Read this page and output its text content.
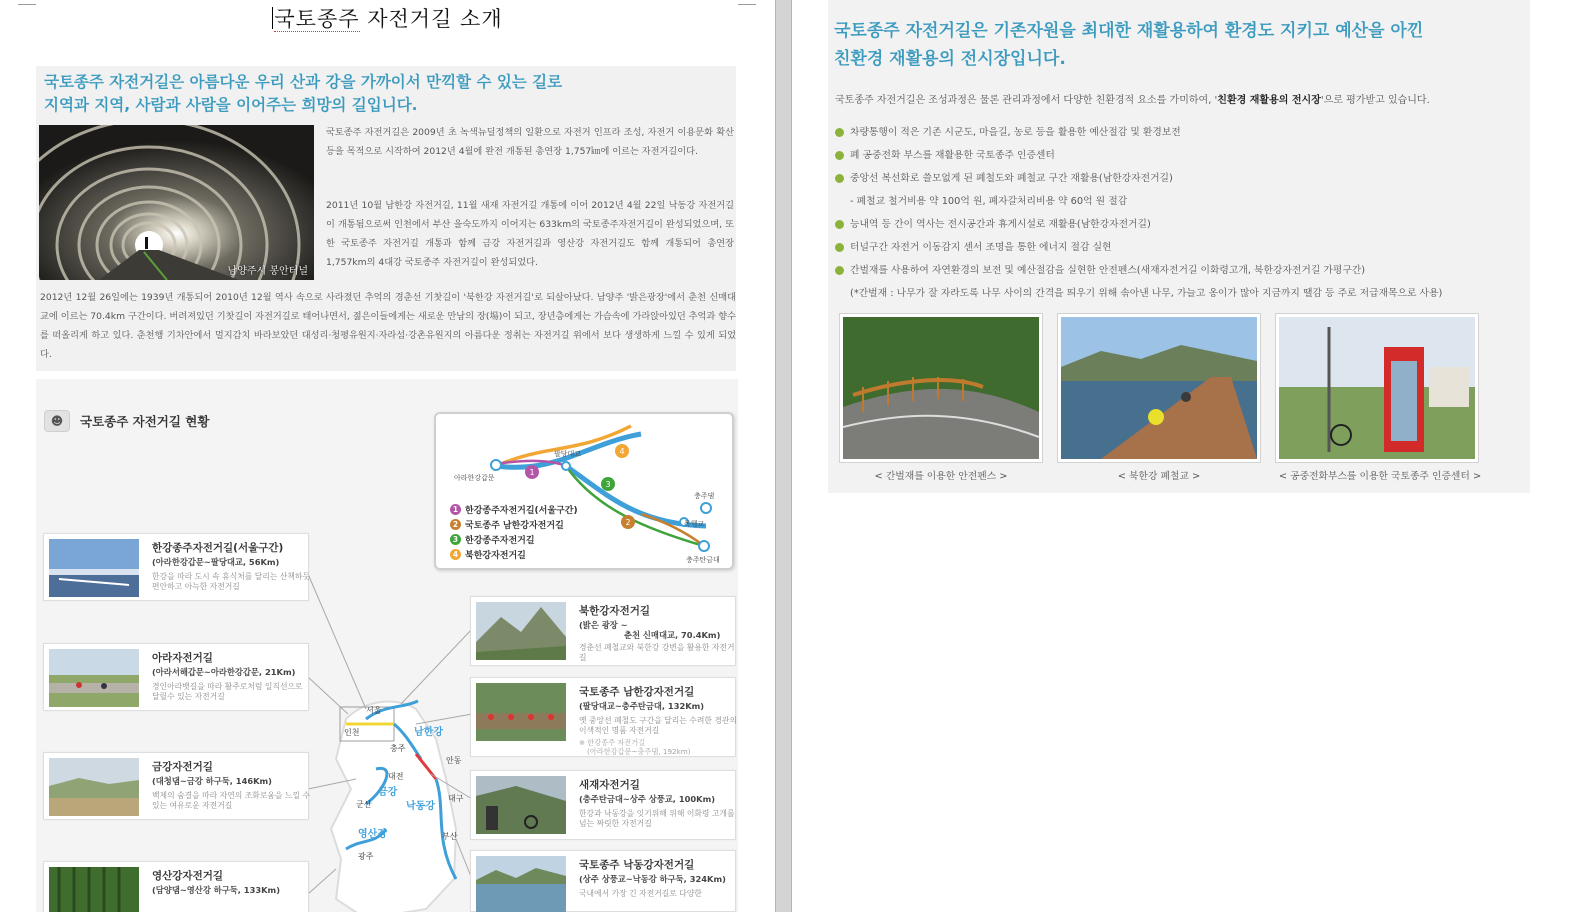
국토종주 자전거길 소개
국토종주 자전거길은 아름다운 우리 산과 강을 가까이서 만끽할 수 있는 길로
지역과 지역, 사람과 사람을 이어주는 희망의 길입니다.
남양주시 봉안터널

국토종주 자전거길은 2009년 초 녹색뉴딜정책의 일환으로 자전거 인프라 조성, 자전거 이용문화 확산 등을 목적으로 시작하여 2012년 4월에 완전 개통된 총연장 1,757㎞에 이르는 자전거길이다.

2011년 10월 남한강 자전거길, 11월 새재 자전거길 개통에 이어 2012년 4월 22일 낙동강 자전거길이 개통됨으로써 인천에서 부산 을숙도까지 이어지는 633km의 국토종주자전거길이 완성되었으며, 또한 국토종주 자전거길 개통과 함께 금강 자전거길과 영산강 자전거길도 함께 개통되어 총연장 1,757km의 4대강 국토종주 자전거길이 완성되었다.

2012년 12월 26일에는 1939년 개통되어 2010년 12월 역사 속으로 사라졌던 추억의 경춘선 기찻길이 '북한강 자전거길'로 되살아났다. 남양주 '밝은광장'에서 춘천 신매대교에 이르는 70.4km 구간이다. 버려져있던 기찻길이 자전거길로 태어나면서, 젊은이들에게는 새로운 만남의 장(場)이 되고, 장년층에게는 가슴속에 가라앉아있던 추억과 향수를 떠올리게 하고 있다. 춘천행 기차안에서 멀지감치 바라보았던 대성리·청평유원지·자라섬·강촌유원지의 아름다운 정취는 자전거길 위에서 보다 생생하게 느낄 수 있게 되었다.

☻	국토종주 자전거길 현황
1
2
3
4
아라한강갑문
팔당대교
충주댐
목행교
충주탄금대
1 한강종주자전거길(서울구간)
2 국토종주 남한강자전거길
3 한강종주자전거길
4 북한강자전거길
서울
인천
충주
안동
대전
군산
대구
부산
광주
남한강
금강
낙동강
영산강
한강종주자전거길(서울구간)
(아라한강갑문~팔당대교, 56Km)
한강을 따라 도시 속 휴식처를 달리는 산책하듯 편안하고 아늑한 자전거길
아라자전거길
(아라서해갑문~아라한강갑문, 21Km)
경인아라뱃길을 따라 활주로처럼 일직선으로 달릴수 있는 자전거길
금강자전거길
(대청댐~금강 하구둑, 146Km)
백제의 숨결을 따라 자연의 조화로움을 느낄 수 있는 여유로운 자전거길
영산강자전거길
(담양댐~영산강 하구둑, 133Km)
북한강자전거길
(밝은 광장 ~
춘천 신매대교, 70.4Km)
경춘선 폐철교와 북한강 강변을 활용한 자전거길
국토종주 남한강자전거길
(팔당대교~충주탄금대, 132Km)
옛 중앙선 폐철도 구간을 달리는 수려한 경관의 이색적인 명품 자전거길
※ 한강종주 자전거길
(아라한강갑문~충주댐, 192km)
새재자전거길
(충주탄금대~상주 상풍교, 100Km)
한강과 낙동강을 잇기위해 위해 이화령 고개를 넘는 짜릿한 자전거길
국토종주 낙동강자전거길
(상주 상풍교~낙동강 하구둑, 324Km)
국내에서 가장 긴 자전거길로 다양한
국토종주 자전거길은 기존자원을 최대한 재활용하여 환경도 지키고 예산을 아낀
친환경 재활용의 전시장입니다.
국토종주 자전거길은 조성과정은 물론 관리과정에서 다양한 친환경적 요소를 가미하여, '친환경 재활용의 전시장'으로 평가받고 있습니다.
차량통행이 적은 기존 시군도, 마을길, 농로 등을 활용한 예산절감 및 환경보전
폐 공중전화 부스를 재활용한 국토종주 인증센터
중앙선 복선화로 쓸모없게 된 폐철도와 폐철교 구간 재활용(남한강자전거길)
- 폐철교 철거비용 약 100억 원, 폐자갈처리비용 약 60억 원 절감
능내역 등 간이 역사는 전시공간과 휴게시설로 재활용(남한강자전거길)
터널구간 자전거 이동감지 센서 조명을 통한 에너지 절감 실현
간벌재를 사용하여 자연환경의 보전 및 예산절감을 실현한 안전펜스(새재자전거길 이화령고개, 북한강자전거길 가평구간)
(*간벌재 : 나무가 잘 자라도록 나무 사이의 간격을 띄우기 위해 솎아낸 나무, 가늘고 옹이가 많아 지금까지 땔감 등 주로 저급재목으로 사용)
< 간벌재를 이용한 안전펜스 >	< 북한강 폐철교 >	< 공중전화부스를 이용한 국토종주 인증센터 >
